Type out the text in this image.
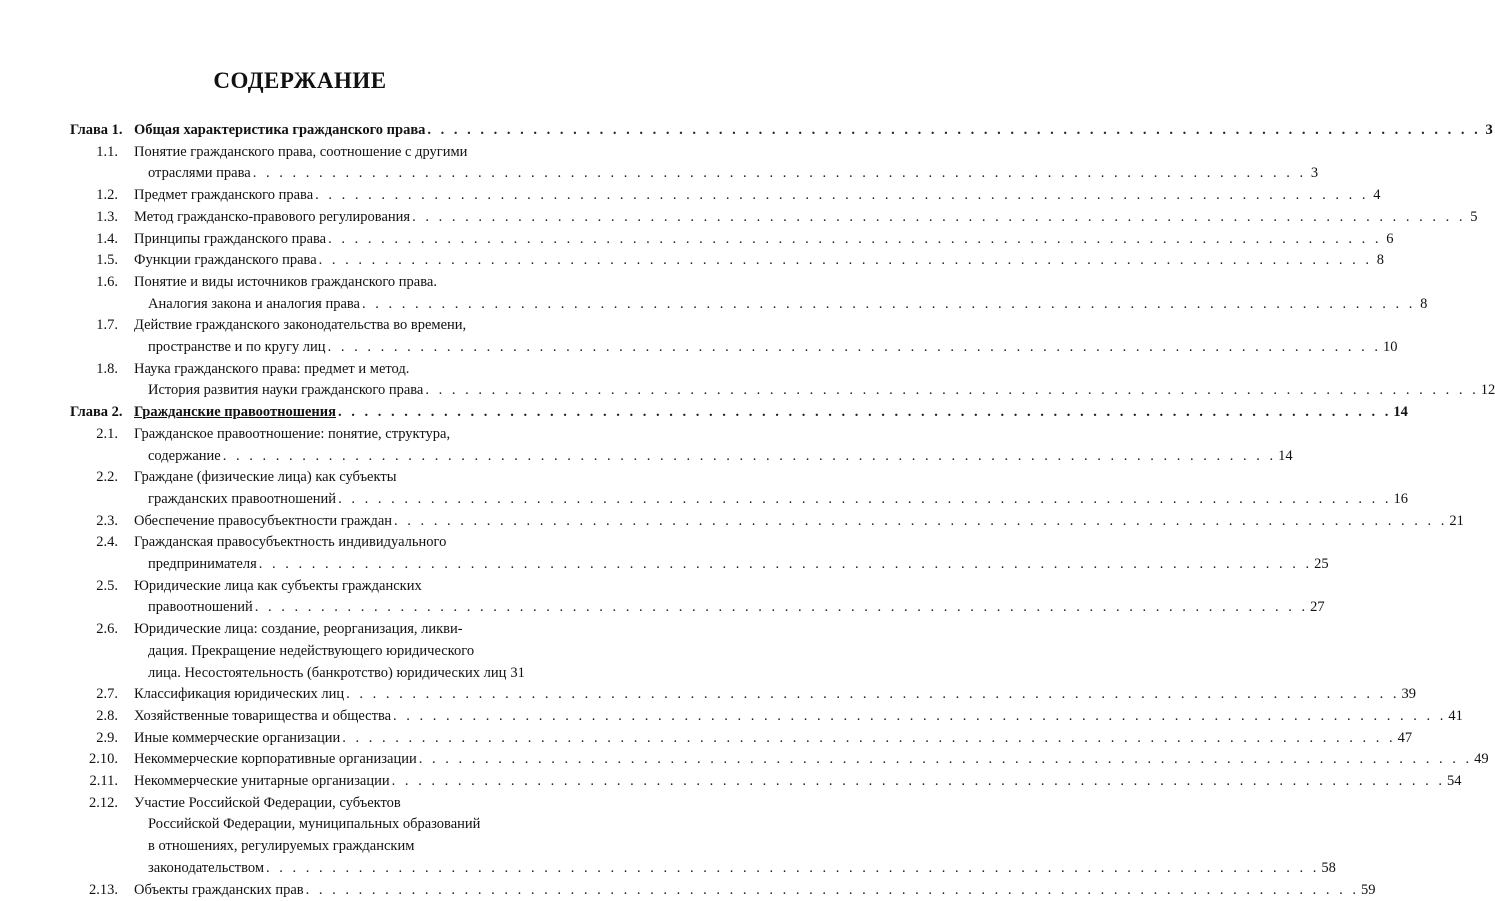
СОДЕРЖАНИЕ
Глава 1. Общая характеристика гражданского права . . . . . . . . . . . . . . . . . . . . . . . . . . . . . . . . . . . . . . . . . . . . . . . . . . . . . . . . . . . . . . . . . . . . . . . . . . . . . . . . 3
1.1. Понятие гражданского права, соотношение с другими
отраслями права . . . . . . . . . . . . . . . . . . . . . . . . . . . . . . . . . . . . . . . . . . . . . . . . . . . . . . . . . . . . . . . . . . . . . . . . . . . . . . . . 3
1.2. Предмет гражданского права . . . . . . . . . . . . . . . . . . . . . . . . . . . . . . . . . . . . . . . . . . . . . . . . . . . . . . . . . . . . . . . . . . . . . . . . . . . . . . . . 4
1.3. Метод гражданско-правового регулирования . . . . . . . . . . . . . . . . . . . . . . . . . . . . . . . . . . . . . . . . . . . . . . . . . . . . . . . . . . . . . . . . . . . . . . . . . . . . . . . . 5
1.4. Принципы гражданского права . . . . . . . . . . . . . . . . . . . . . . . . . . . . . . . . . . . . . . . . . . . . . . . . . . . . . . . . . . . . . . . . . . . . . . . . . . . . . . . . 6
1.5. Функции гражданского права . . . . . . . . . . . . . . . . . . . . . . . . . . . . . . . . . . . . . . . . . . . . . . . . . . . . . . . . . . . . . . . . . . . . . . . . . . . . . . . . 8
1.6. Понятие и виды источников гражданского права.
Аналогия закона и аналогия права . . . . . . . . . . . . . . . . . . . . . . . . . . . . . . . . . . . . . . . . . . . . . . . . . . . . . . . . . . . . . . . . . . . . . . . . . . . . . . . . 8
1.7. Действие гражданского законодательства во времени,
пространстве и по кругу лиц . . . . . . . . . . . . . . . . . . . . . . . . . . . . . . . . . . . . . . . . . . . . . . . . . . . . . . . . . . . . . . . . . . . . . . . . . . . . . . . . 10
1.8. Наука гражданского права: предмет и метод.
История развития науки гражданского права . . . . . . . . . . . . . . . . . . . . . . . . . . . . . . . . . . . . . . . . . . . . . . . . . . . . . . . . . . . . . . . . . . . . . . . . . . . . . . . . 12
Глава 2. Гражданские правоотношения . . . . . . . . . . . . . . . . . . . . . . . . . . . . . . . . . . . . . . . . . . . . . . . . . . . . . . . . . . . . . . . . . . . . . . . . . . . . . . . . 14
2.1. Гражданское правоотношение: понятие, структура,
содержание . . . . . . . . . . . . . . . . . . . . . . . . . . . . . . . . . . . . . . . . . . . . . . . . . . . . . . . . . . . . . . . . . . . . . . . . . . . . . . . . 14
2.2. Граждане (физические лица) как субъекты
гражданских правоотношений . . . . . . . . . . . . . . . . . . . . . . . . . . . . . . . . . . . . . . . . . . . . . . . . . . . . . . . . . . . . . . . . . . . . . . . . . . . . . . . . 16
2.3. Обеспечение правосубъектности граждан . . . . . . . . . . . . . . . . . . . . . . . . . . . . . . . . . . . . . . . . . . . . . . . . . . . . . . . . . . . . . . . . . . . . . . . . . . . . . . . . 21
2.4. Гражданская правосубъектность индивидуального
предпринимателя . . . . . . . . . . . . . . . . . . . . . . . . . . . . . . . . . . . . . . . . . . . . . . . . . . . . . . . . . . . . . . . . . . . . . . . . . . . . . . . . 25
2.5. Юридические лица как субъекты гражданских
правоотношений . . . . . . . . . . . . . . . . . . . . . . . . . . . . . . . . . . . . . . . . . . . . . . . . . . . . . . . . . . . . . . . . . . . . . . . . . . . . . . . . 27
2.6. Юридические лица: создание, реорганизация, ликви-
дация. Прекращение недействующего юридического
лица. Несостоятельность (банкротство) юридических лиц 31
2.7. Классификация юридических лиц . . . . . . . . . . . . . . . . . . . . . . . . . . . . . . . . . . . . . . . . . . . . . . . . . . . . . . . . . . . . . . . . . . . . . . . . . . . . . . . . 39
2.8. Хозяйственные товарищества и общества . . . . . . . . . . . . . . . . . . . . . . . . . . . . . . . . . . . . . . . . . . . . . . . . . . . . . . . . . . . . . . . . . . . . . . . . . . . . . . . . 41
2.9. Иные коммерческие организации . . . . . . . . . . . . . . . . . . . . . . . . . . . . . . . . . . . . . . . . . . . . . . . . . . . . . . . . . . . . . . . . . . . . . . . . . . . . . . . . 47
2.10. Некоммерческие корпоративные организации . . . . . . . . . . . . . . . . . . . . . . . . . . . . . . . . . . . . . . . . . . . . . . . . . . . . . . . . . . . . . . . . . . . . . . . . . . . . . . . . 49
2.11. Некоммерческие унитарные организации . . . . . . . . . . . . . . . . . . . . . . . . . . . . . . . . . . . . . . . . . . . . . . . . . . . . . . . . . . . . . . . . . . . . . . . . . . . . . . . . 54
2.12. Участие Российской Федерации, субъектов
Российской Федерации, муниципальных образований
в отношениях, регулируемых гражданским
законодательством . . . . . . . . . . . . . . . . . . . . . . . . . . . . . . . . . . . . . . . . . . . . . . . . . . . . . . . . . . . . . . . . . . . . . . . . . . . . . . . . 58
2.13. Объекты гражданских прав . . . . . . . . . . . . . . . . . . . . . . . . . . . . . . . . . . . . . . . . . . . . . . . . . . . . . . . . . . . . . . . . . . . . . . . . . . . . . . . . 59
